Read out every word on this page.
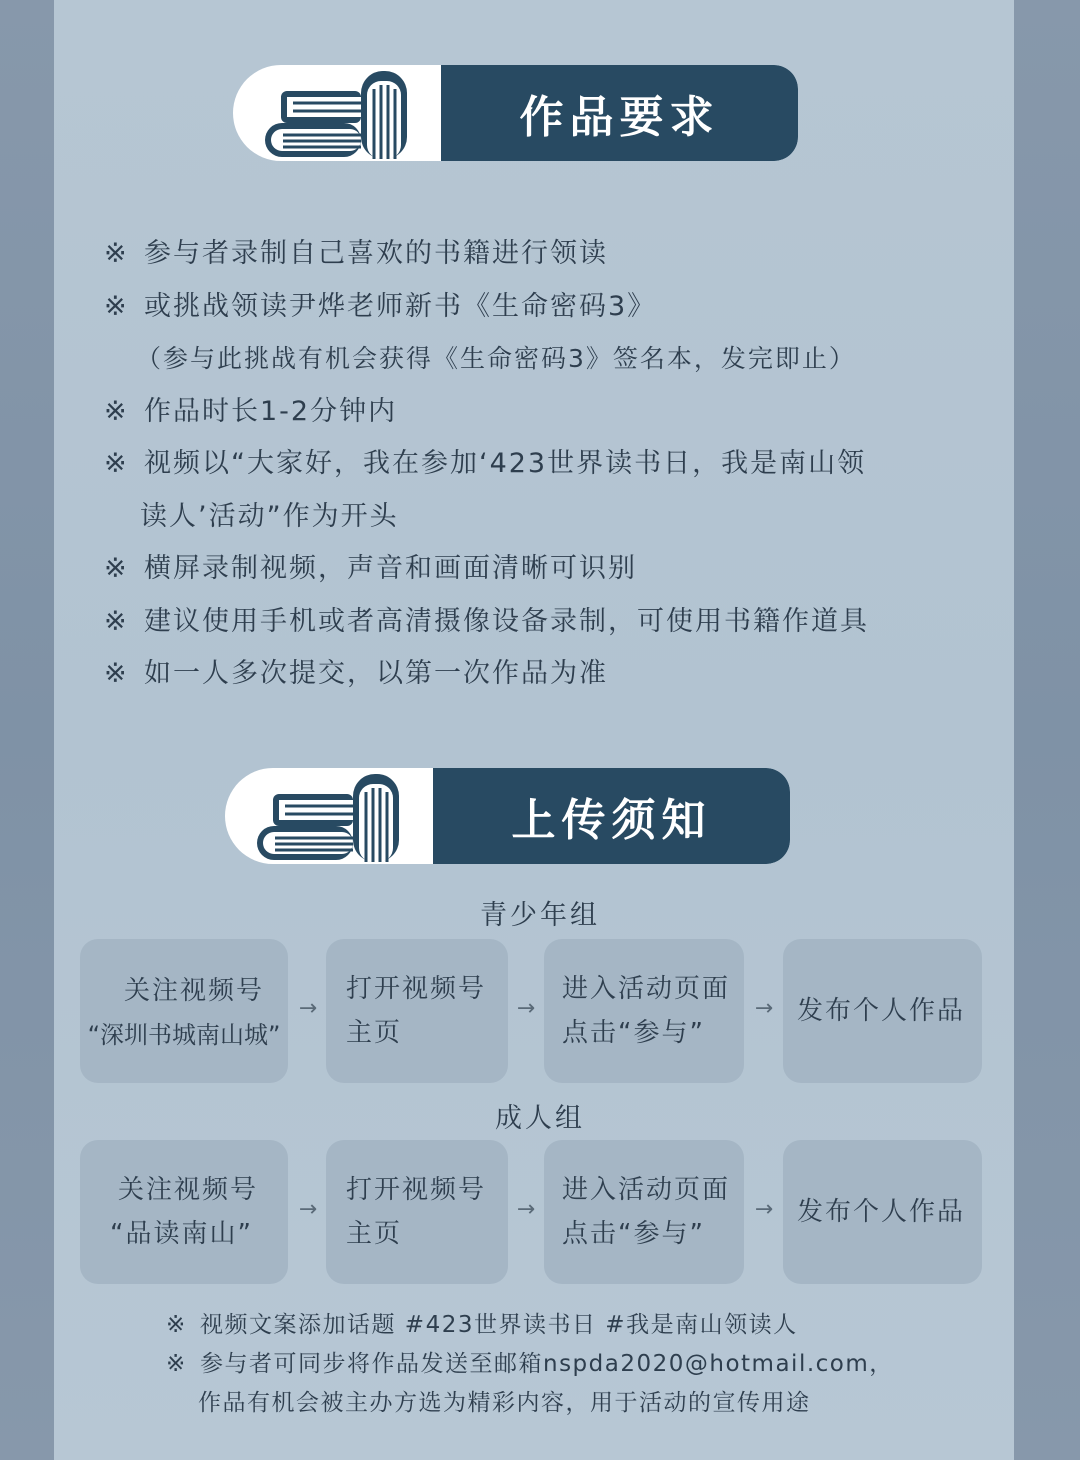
作品要求
※ 参与者录制自己喜欢的书籍进行领读
※ 或挑战领读尹烨老师新书《生命密码3》
（参与此挑战有机会获得《生命密码3》签名本，发完即止）
※ 作品时长1-2分钟内
※ 视频以“大家好，我在参加‘423世界读书日，我是南山领
读人’活动”作为开头
※ 横屏录制视频，声音和画面清晰可识别
※ 建议使用手机或者高清摄像设备录制，可使用书籍作道具
※ 如一人多次提交，以第一次作品为准
上传须知
青少年组
关注视频号
“深圳书城南山城”
→
打开视频号
主页
→
进入活动页面
点击“参与”
→ 发布个人作品
成人组
关注视频号
“品读南山”
→
打开视频号
主页
→
进入活动页面
点击“参与”
→ 发布个人作品
※ 视频文案添加话题 #423世界读书日 #我是南山领读人
※ 参与者可同步将作品发送至邮箱nspda2020@hotmail.com，
作品有机会被主办方选为精彩内容，用于活动的宣传用途
